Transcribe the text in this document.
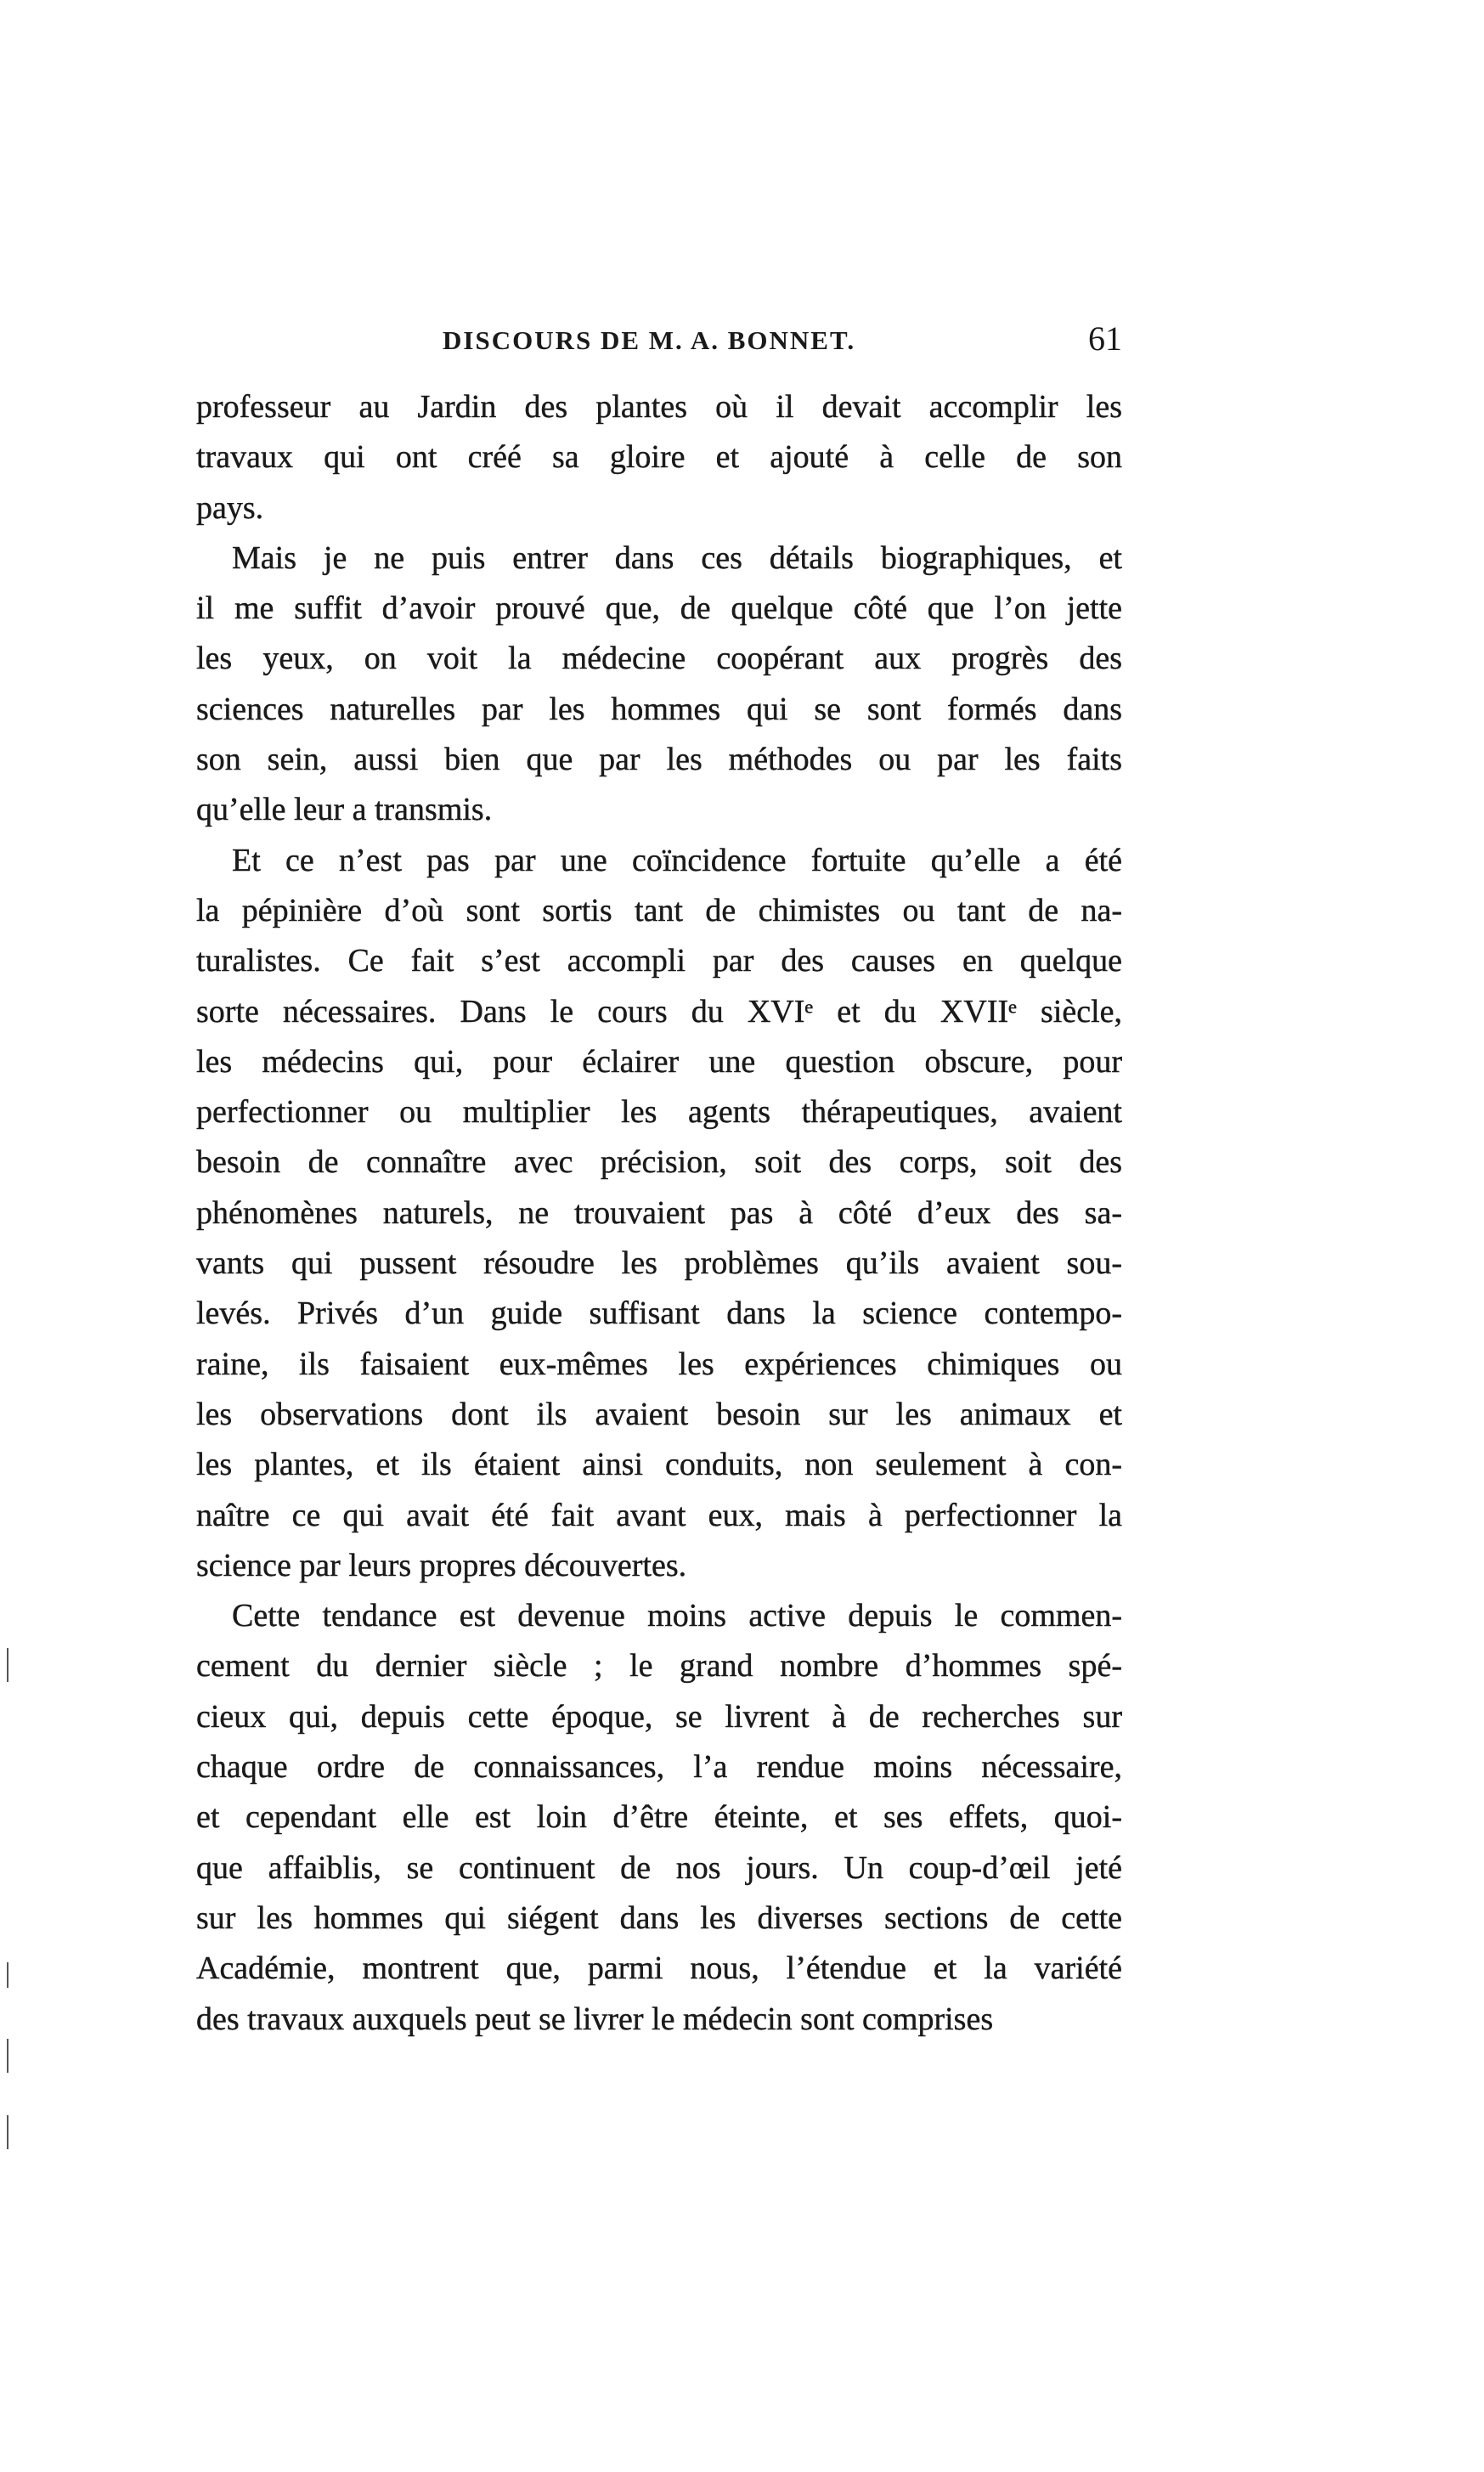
DISCOURS DE M. A. BONNET.	61
professeur au Jardin des plantes où il devait accomplir les
travaux qui ont créé sa gloire et ajouté à celle de son
pays.
Mais je ne puis entrer dans ces détails biographiques, et
il me suffit d’avoir prouvé que, de quelque côté que l’on jette
les yeux, on voit la médecine coopérant aux progrès des
sciences naturelles par les hommes qui se sont formés dans
son sein, aussi bien que par les méthodes ou par les faits
qu’elle leur a transmis.
Et ce n’est pas par une coïncidence fortuite qu’elle a été
la pépinière d’où sont sortis tant de chimistes ou tant de na-
turalistes. Ce fait s’est accompli par des causes en quelque
sorte nécessaires. Dans le cours du XVIᵉ et du XVIIᵉ siècle,
les médecins qui, pour éclairer une question obscure, pour
perfectionner ou multiplier les agents thérapeutiques, avaient
besoin de connaître avec précision, soit des corps, soit des
phénomènes naturels, ne trouvaient pas à côté d’eux des sa-
vants qui pussent résoudre les problèmes qu’ils avaient sou-
levés. Privés d’un guide suffisant dans la science contempo-
raine, ils faisaient eux-mêmes les expériences chimiques ou
les observations dont ils avaient besoin sur les animaux et
les plantes, et ils étaient ainsi conduits, non seulement à con-
naître ce qui avait été fait avant eux, mais à perfectionner la
science par leurs propres découvertes.
Cette tendance est devenue moins active depuis le commen-
cement du dernier siècle ; le grand nombre d’hommes spé-
cieux qui, depuis cette époque, se livrent à de recherches sur
chaque ordre de connaissances, l’a rendue moins nécessaire,
et cependant elle est loin d’être éteinte, et ses effets, quoi-
que affaiblis, se continuent de nos jours. Un coup-d’œil jeté
sur les hommes qui siégent dans les diverses sections de cette
Académie, montrent que, parmi nous, l’étendue et la variété
des travaux auxquels peut se livrer le médecin sont comprises
